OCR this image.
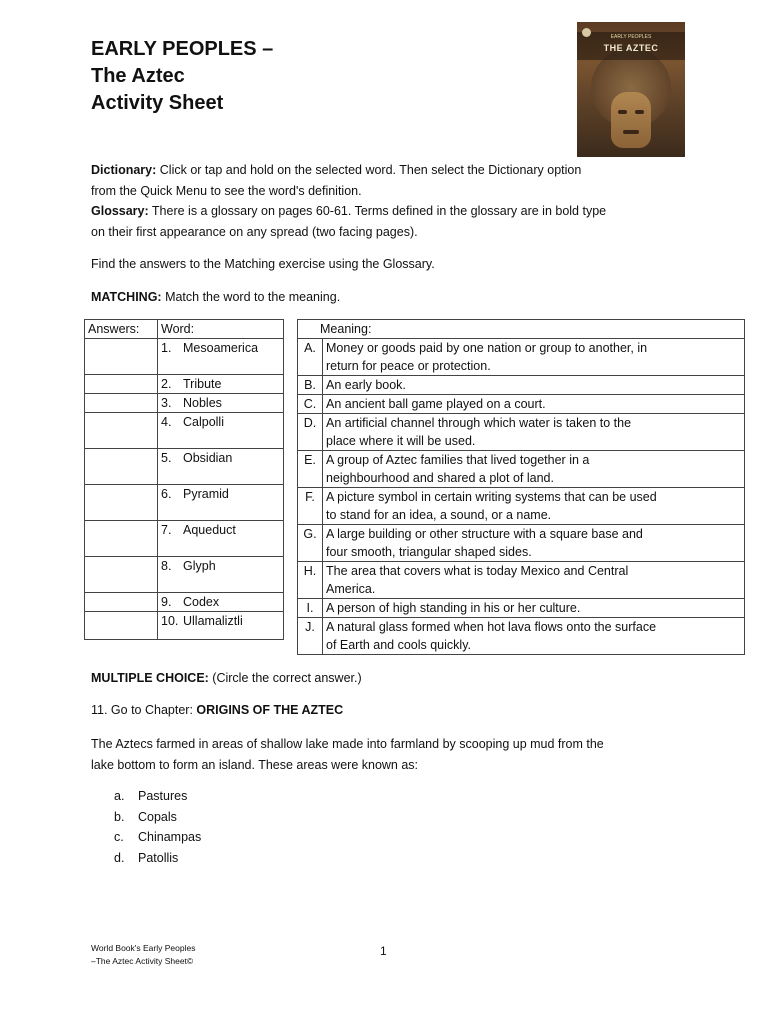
EARLY PEOPLES –
The Aztec
Activity Sheet
EARLY PEOPLES
THE AZTEC
Dictionary: Click or tap and hold on the selected word. Then select the Dictionary option
from the Quick Menu to see the word's definition.
Glossary: There is a glossary on pages 60-61. Terms defined in the glossary are in bold type
on their first appearance on any spread (two facing pages).
Find the answers to the Matching exercise using the Glossary.
MATCHING: Match the word to the meaning.
Answers:	Word:
	1. Mesoamerica
	2. Tribute
	3. Nobles
	4. Calpolli
	5. Obsidian
	6. Pyramid
	7. Aqueduct
	8. Glyph
	9. Codex
	10. Ullamaliztli
Meaning:	
A.	Money or goods paid by one nation or group to another, in
return for peace or protection.
B.	An early book.
C.	An ancient ball game played on a court.
D.	An artificial channel through which water is taken to the
place where it will be used.
E.	A group of Aztec families that lived together in a
neighbourhood and shared a plot of land.
F.	A picture symbol in certain writing systems that can be used
to stand for an idea, a sound, or a name.
G.	A large building or other structure with a square base and
four smooth, triangular shaped sides.
H.	The area that covers what is today Mexico and Central
America.
I.	A person of high standing in his or her culture.
J.	A natural glass formed when hot lava flows onto the surface
of Earth and cools quickly.
MULTIPLE CHOICE: (Circle the correct answer.)
11. Go to Chapter: ORIGINS OF THE AZTEC
The Aztecs farmed in areas of shallow lake made into farmland by scooping up mud from the
lake bottom to form an island. These areas were known as:
a. Pastures
b. Copals
c. Chinampas
d. Patollis
World Book's Early Peoples
–The Aztec Activity Sheet©
1
